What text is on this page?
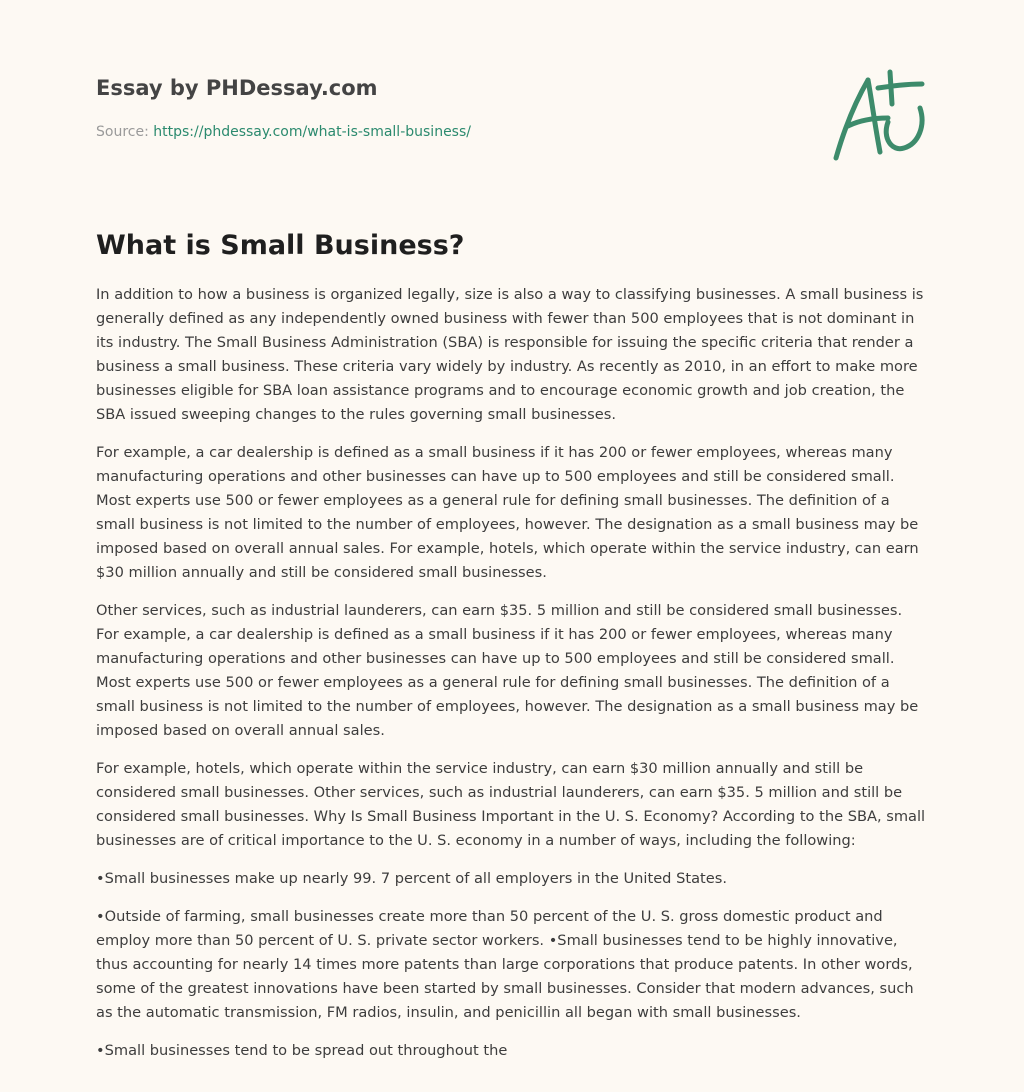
Essay by PHDessay.com
Source: https://phdessay.com/what-is-small-business/
What is Small Business?

In addition to how a business is organized legally, size is also a way to classifying businesses. A small business is generally defined as any independently owned business with fewer than 500 employees that is not dominant in its industry. The Small Business Administration (SBA) is responsible for issuing the specific criteria that render a business a small business. These criteria vary widely by industry. As recently as 2010, in an effort to make more businesses eligible for SBA loan assistance programs and to encourage economic growth and job creation, the SBA issued sweeping changes to the rules governing small businesses.

For example, a car dealership is defined as a small business if it has 200 or fewer employees, whereas many manufacturing operations and other businesses can have up to 500 employees and still be considered small. Most experts use 500 or fewer employees as a general rule for defining small businesses. The definition of a small business is not limited to the number of employees, however. The designation as a small business may be imposed based on overall annual sales. For example, hotels, which operate within the service industry, can earn $30 million annually and still be considered small businesses.

Other services, such as industrial launderers, can earn $35. 5 million and still be considered small businesses. For example, a car dealership is defined as a small business if it has 200 or fewer employees, whereas many manufacturing operations and other businesses can have up to 500 employees and still be considered small. Most experts use 500 or fewer employees as a general rule for defining small businesses. The definition of a small business is not limited to the number of employees, however. The designation as a small business may be imposed based on overall annual sales.

For example, hotels, which operate within the service industry, can earn $30 million annually and still be considered small businesses. Other services, such as industrial launderers, can earn $35. 5 million and still be considered small businesses. Why Is Small Business Important in the U. S. Economy? According to the SBA, small businesses are of critical importance to the U. S. economy in a number of ways, including the following:

•Small businesses make up nearly 99. 7 percent of all employers in the United States.

•Outside of farming, small businesses create more than 50 percent of the U. S. gross domestic product and employ more than 50 percent of U. S. private sector workers. •Small businesses tend to be highly innovative, thus accounting for nearly 14 times more patents than large corporations that produce patents. In other words, some of the greatest innovations have been started by small businesses. Consider that modern advances, such as the automatic transmission, FM radios, insulin, and penicillin all began with small businesses.

•Small businesses tend to be spread out throughout the
